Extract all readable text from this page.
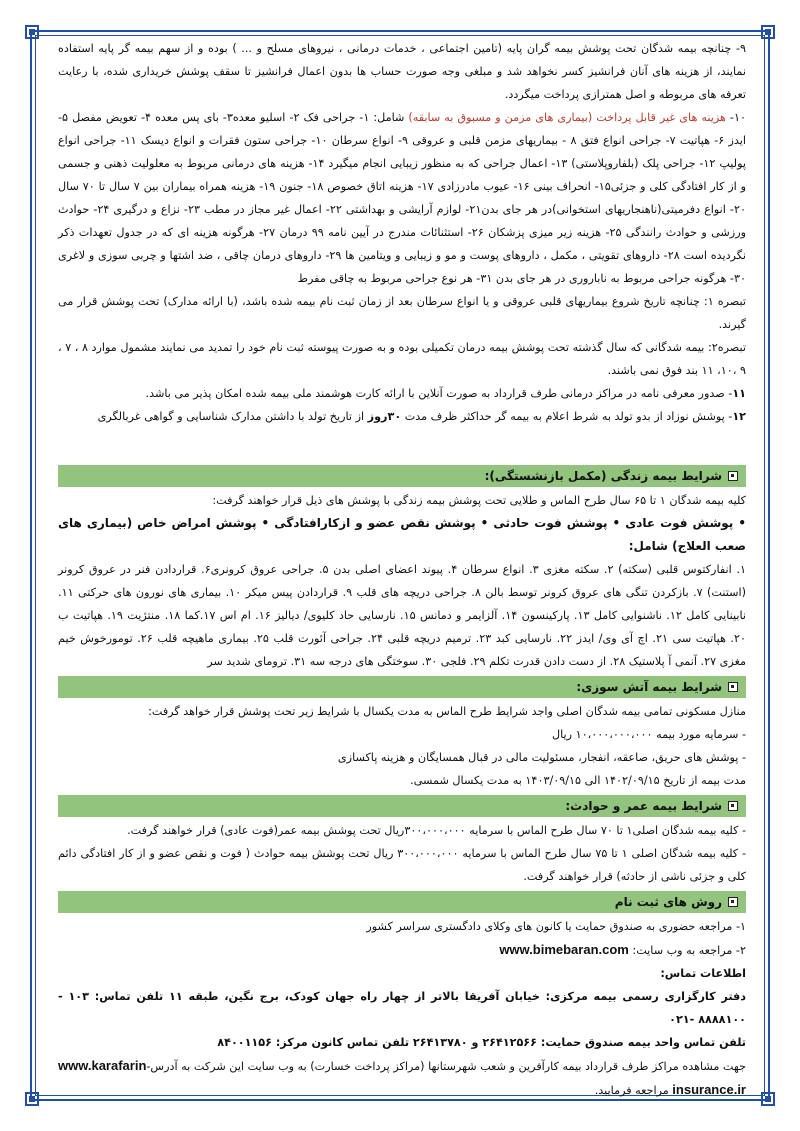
۹- چنانچه بیمه شدگان تحت پوشش بیمه گران پایه (تامین اجتماعی ، خدمات درمانی ، نیروهای مسلح و ... ) بوده و از سهم بیمه گر پایه استفاده نمایند، از هزینه های آنان فرانشیز کسر نخواهد شد و مبلغی وجه صورت حساب ها بدون اعمال فرانشیز تا سقف پوشش خریداری شده، با رعایت تعرفه های مربوطه و اصل همترازی پرداخت میگردد.

۱۰- هزینه های غیر قابل پرداخت (بیماری های مزمن و مسبوق به سابقه) شامل: ۱- جراحی فک ۲- اسلیو معده۳- بای پس معده ۴- تعویض مفصل ۵- ایدز ۶- هپاتیت ۷- جراحی انواع فتق ۸ - بیماریهای مزمن قلبی و عروقی ۹- انواع سرطان ۱۰- جراحی ستون فقرات و انواع دیسک ۱۱- جراحی انواع پولیپ ۱۲- جراحی پلک (بلفاروپلاستی) ۱۳- اعمال جراحی که به منظور زیبایی انجام میگیرد ۱۴- هزینه های درمانی مربوط به معلولیت ذهنی و جسمی و از کار افتادگی کلی و جزئی۱۵- انحراف بینی ۱۶- عیوب مادرزادی ۱۷- هزینه اتاق خصوص ۱۸- جنون ۱۹- هزینه همراه بیماران بین ۷ سال تا ۷۰ سال ۲۰- انواع دفرمیتی(ناهنجاریهای استخوانی)در هر جای بدن۲۱- لوازم آرایشی و بهداشتی ۲۲- اعمال غیر مجاز در مطب ۲۳- نزاع و درگیری ۲۴- حوادث ورزشی و حوادث رانندگی ۲۵- هزینه زیر میزی پزشکان ۲۶- استثنائات مندرج در آیین نامه ۹۹ درمان ۲۷- هرگونه هزینه ای که در جدول تعهدات ذکر نگردیده است ۲۸- داروهای تقویتی ، مکمل ، داروهای پوست و مو و زیبایی و ویتامین ها ۲۹- داروهای درمان چاقی ، ضد اشتها و چربی سوزی و لاغری ۳۰- هرگونه جراحی مربوط به ناباروری در هر جای بدن ۳۱- هر نوع جراحی مربوط به چاقی مفرط

تبصره ۱: چنانچه تاریخ شروع بیماریهای قلبی عروقی و یا انواع سرطان بعد از زمان ثبت نام بیمه شده باشد، (با ارائه مدارک) تحت پوشش قرار می گیرند.

تبصره۲: بیمه شدگانی که سال گذشته تحت پوشش بیمه درمان تکمیلی بوده و به صورت پیوسته ثبت نام خود را تمدید می نمایند مشمول موارد ۸ ، ۷ ، ۹ ،۱۰، ۱۱ بند فوق نمی باشند.

۱۱- صدور معرفی نامه در مراکز درمانی طرف قرارداد به صورت آنلاین با ارائه کارت هوشمند ملی بیمه شده امکان پذیر می باشد.

۱۲- پوشش نوزاد از بدو تولد به شرط اعلام به بیمه گر حداکثر ظرف مدت ۳۰روز از تاریخ تولد با داشتن مدارک شناسایی و گواهی غربالگری

شرایط بیمه زندگی (مکمل بازنشستگی):

کلیه بیمه شدگان ۱ تا ۶۵ سال طرح الماس و طلایی تحت پوشش بیمه زندگی با پوشش های ذیل قرار خواهند گرفت:

• پوشش فوت عادی • پوشش فوت حادثی • پوشش نقص عضو و ازکارافتادگی • پوشش امراض خاص (بیماری های صعب العلاج) شامل:

۱. انفارکتوس قلبی (سکته) ۲. سکته مغزی ۳. انواع سرطان ۴. پیوند اعضای اصلی بدن ۵. جراحی عروق کرونری۶. قراردادن فنر در عروق کرونر (استنت) ۷. بازکردن تنگی های عروق کرونر توسط بالن ۸. جراحی دریچه های قلب ۹. قراردادن پیس میکر ۱۰. بیماری های نورون های حرکتی ۱۱. نابینایی کامل ۱۲. ناشنوایی کامل ۱۳. پارکینسون ۱۴. آلزایمر و دمانس ۱۵. نارسایی حاد کلیوی/ دیالیز ۱۶. ام اس ۱۷.کما ۱۸. منتژیت ۱۹. هپاتیت ب ۲۰. هپاتیت سی ۲۱. اچ آی وی/ ایدز ۲۲. نارسایی کبد ۲۳. ترمیم دریچه قلبی ۲۴. جراحی آئورت قلب ۲۵. بیماری ماهیچه قلب ۲۶. تومورخوش خیم مغزی ۲۷. آنمی آ پلاستیک ۲۸. از دست دادن قدرت تکلم ۲۹. فلجی ۳۰. سوختگی های درجه سه ۳۱. ترومای شدید سر

شرایط بیمه آتش سوزی:

منازل مسکونی تمامی بیمه شدگان اصلی واجد شرایط طرح الماس به مدت یکسال با شرایط زیر تحت پوشش قرار خواهد گرفت:

- سرمایه مورد بیمه ۱۰،۰۰۰،۰۰۰،۰۰۰ ریال

- پوشش های حریق، صاعقه، انفجار، مسئولیت مالی در قبال همسایگان و هزینه پاکسازی

مدت بیمه از تاریخ ۱۴۰۲/۰۹/۱۵ الی ۱۴۰۳/۰۹/۱۵ به مدت یکسال شمسی.

شرایط بیمه عمر و حوادث:

- کلیه بیمه شدگان اصلی۱ تا ۷۰ سال طرح الماس با سرمایه ۳۰۰،۰۰۰،۰۰۰ریال تحت پوشش بیمه عمر(فوت عادی) قرار خواهند گرفت.

- کلیه بیمه شدگان اصلی ۱ تا ۷۵ سال طرح الماس با سرمایه ۳۰۰،۰۰۰،۰۰۰ ریال تحت پوشش بیمه حوادث ( فوت و نقص عضو و از کار افتادگی دائم کلی و جزئی ناشی از حادثه) قرار خواهند گرفت.

روش های ثبت نام

۱- مراجعه حضوری به صندوق حمایت یا کانون های وکلای دادگستری سراسر کشور

۲- مراجعه به وب سایت: www.bimebaran.com

اطلاعات تماس:

دفتر کارگزاری رسمی بیمه مرکزی: خیابان آفریقا بالاتر از چهار راه جهان کودک، برج نگین، طبقه ۱۱ تلفن تماس: ۱۰۳ - ۸۸۸۸۱۰۰ -۰۲۱

تلفن تماس واحد بیمه صندوق حمایت: ۲۶۴۱۲۵۶۶ و ۲۶۴۱۳۷۸۰ تلفن تماس کانون مرکز: ۸۴۰۰۱۱۵۶

جهت مشاهده مراکز طرف قرارداد بیمه کارآفرین و شعب شهرستانها (مراکز پرداخت خسارت) به وب سایت این شرکت به آدرس-www.karafarin insurance.ir مراجعه فرمایید.
